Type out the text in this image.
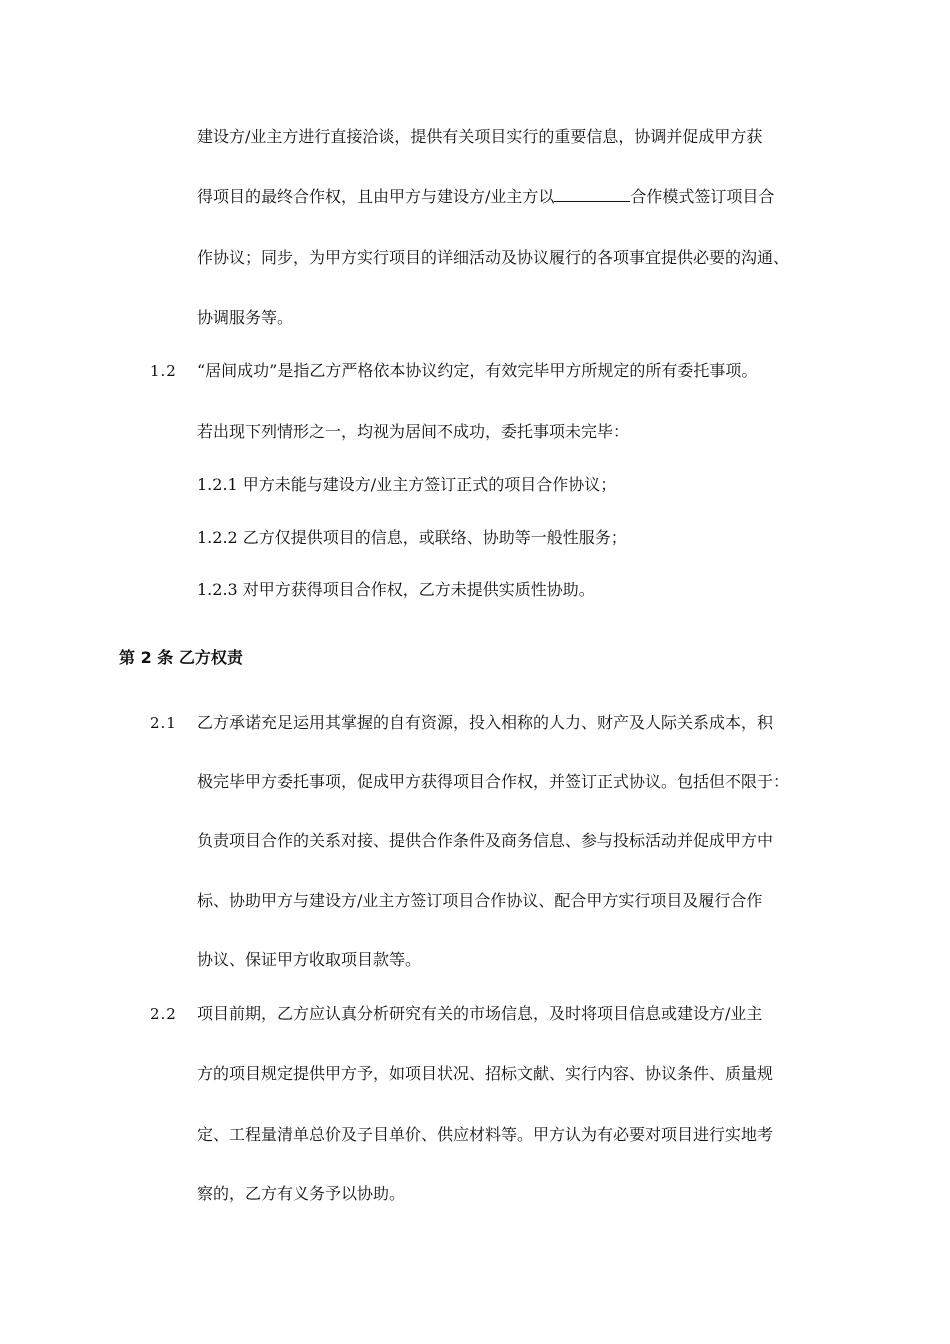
建设方/业主方进行直接洽谈，提供有关项目实行的重要信息，协调并促成甲方获
得项目的最终合作权，且由甲方与建设方/业主方以	合作模式签订项目合
作协议；同步，为甲方实行项目的详细活动及协议履行的各项事宜提供必要的沟通、
协调服务等。
1.2 “居间成功”是指乙方严格依本协议约定，有效完毕甲方所规定的所有委托事项。
若出现下列情形之一，均视为居间不成功，委托事项未完毕：
1.2.1 甲方未能与建设方/业主方签订正式的项目合作协议；
1.2.2 乙方仅提供项目的信息，或联络、协助等一般性服务；
1.2.3 对甲方获得项目合作权，乙方未提供实质性协助。
第 2 条 乙方权责
2.1 乙方承诺充足运用其掌握的自有资源，投入相称的人力、财产及人际关系成本，积
极完毕甲方委托事项，促成甲方获得项目合作权，并签订正式协议。包括但不限于：
负责项目合作的关系对接、提供合作条件及商务信息、参与投标活动并促成甲方中
标、协助甲方与建设方/业主方签订项目合作协议、配合甲方实行项目及履行合作
协议、保证甲方收取项目款等。
2.2 项目前期，乙方应认真分析研究有关的市场信息，及时将项目信息或建设方/业主
方的项目规定提供甲方予，如项目状况、招标文献、实行内容、协议条件、质量规
定、工程量清单总价及子目单价、供应材料等。甲方认为有必要对项目进行实地考
察的，乙方有义务予以协助。
